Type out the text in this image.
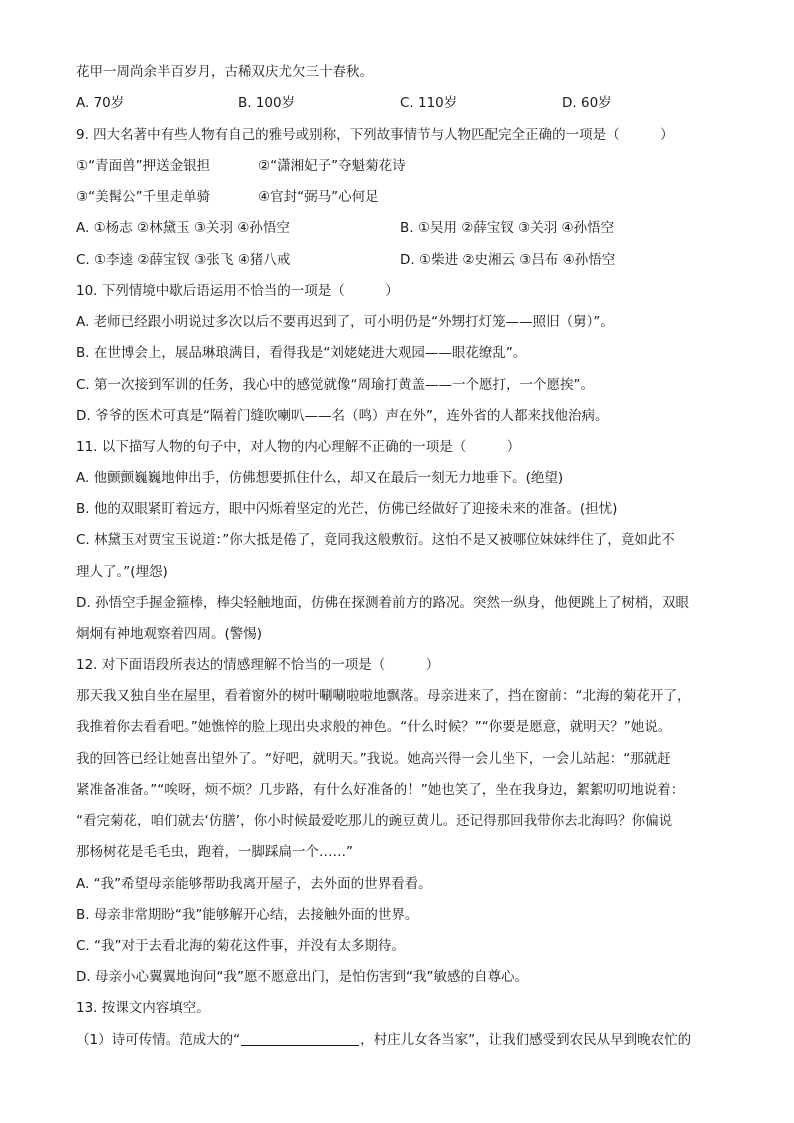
花甲一周尚余半百岁月，古稀双庆尤欠三十春秋。
A. 70岁	B. 100岁	C. 110岁	D. 60岁
9. 四大名著中有些人物有自己的雅号或别称，下列故事情节与人物匹配完全正确的一项是（　　　）
①“青面兽”押送金银担	②“潇湘妃子”夺魁菊花诗
③“美髯公”千里走单骑	④官封“弼马”心何足
A. ①杨志 ②林黛玉 ③关羽 ④孙悟空	B. ①吴用 ②薛宝钗 ③关羽 ④孙悟空
C. ①李逵 ②薛宝钗 ③张飞 ④猪八戒	D. ①柴进 ②史湘云 ③吕布 ④孙悟空
10. 下列情境中歇后语运用不恰当的一项是（　　　）
A. 老师已经跟小明说过多次以后不要再迟到了，可小明仍是“外甥打灯笼——照旧（舅）”。
B. 在世博会上，展品琳琅满目，看得我是“刘姥姥进大观园——眼花缭乱”。
C. 第一次接到军训的任务，我心中的感觉就像“周瑜打黄盖——一个愿打，一个愿挨”。
D. 爷爷的医术可真是“隔着门缝吹喇叭——名（鸣）声在外”，连外省的人都来找他治病。
11. 以下描写人物的句子中，对人物的内心理解不正确的一项是（　　　）
A. 他颤颤巍巍地伸出手，仿佛想要抓住什么，却又在最后一刻无力地垂下。(绝望)
B. 他的双眼紧盯着远方，眼中闪烁着坚定的光芒，仿佛已经做好了迎接未来的准备。(担忧)
C. 林黛玉对贾宝玉说道：”你大抵是倦了，竟同我这般敷衍。这怕不是又被哪位妹妹绊住了，竟如此不
理人了。”(埋怨)
D. 孙悟空手握金箍棒，棒尖轻触地面，仿佛在探测着前方的路况。突然一纵身，他便跳上了树梢，双眼
炯炯有神地观察着四周。(警惕)
12. 对下面语段所表达的情感理解不恰当的一项是（　　　）
那天我又独自坐在屋里，看着窗外的树叶唰唰啦啦地飘落。母亲进来了，挡在窗前：“北海的菊花开了，
我推着你去看看吧。”她憔悴的脸上现出央求般的神色。“什么时候？”“你要是愿意，就明天？”她说。
我的回答已经让她喜出望外了。“好吧，就明天。”我说。她高兴得一会儿坐下，一会儿站起：“那就赶
紧准备准备。”“唉呀，烦不烦？几步路，有什么好准备的！”她也笑了，坐在我身边，絮絮叨叨地说着：
“看完菊花，咱们就去‘仿膳’，你小时候最爱吃那儿的豌豆黄儿。还记得那回我带你去北海吗？你偏说
那杨树花是毛毛虫，跑着，一脚踩扁一个……”
A. “我”希望母亲能够帮助我离开屋子，去外面的世界看看。
B. 母亲非常期盼“我”能够解开心结，去接触外面的世界。
C. “我”对于去看北海的菊花这件事，并没有太多期待。
D. 母亲小心翼翼地询问“我”愿不愿意出门，是怕伤害到“我”敏感的自尊心。
13. 按课文内容填空。
（1）诗可传情。范成大的“	，村庄儿女各当家”，让我们感受到农民从早到晚农忙的
